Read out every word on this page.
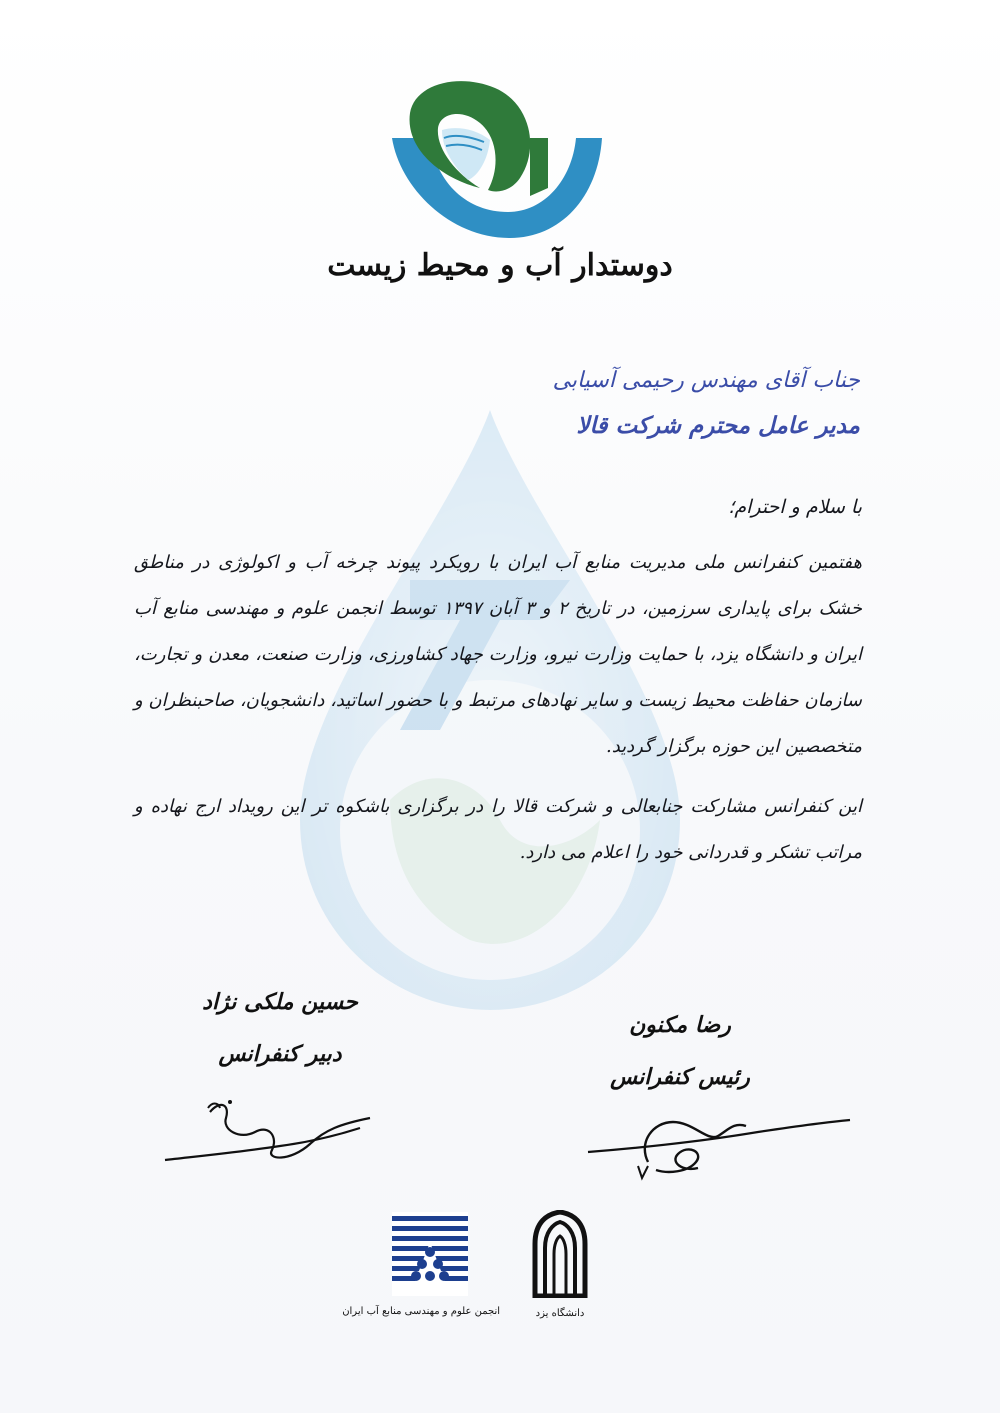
دوستدار آب و محیط زیست
جناب آقای مهندس رحیمی آسیابی
مدیر عامل محترم شرکت قالا
با سلام و احترام؛

هفتمین کنفرانس ملی مدیریت منابع آب ایران با رویکرد پیوند چرخه آب و اکولوژی در مناطق خشک برای پایداری سرزمین، در تاریخ ۲ و ۳ آبان ۱۳۹۷ توسط انجمن علوم و مهندسی منابع آب ایران و دانشگاه یزد، با حمایت وزارت نیرو، وزارت جهاد کشاورزی، وزارت صنعت، معدن و تجارت، سازمان حفاظت محیط زیست و سایر نهادهای مرتبط و با حضور اساتید، دانشجویان، صاحبنظران و متخصصین این حوزه برگزار گردید.

این کنفرانس مشارکت جنابعالی و شرکت قالا را در برگزاری باشکوه تر این رویداد ارج نهاده و مراتب تشکر و قدردانی خود را اعلام می دارد.

حسین ملکی نژاد
دبیر کنفرانس
رضا مکنون
رئیس کنفرانس
انجمن علوم و مهندسی منابع آب ایران	دانشگاه یزد
